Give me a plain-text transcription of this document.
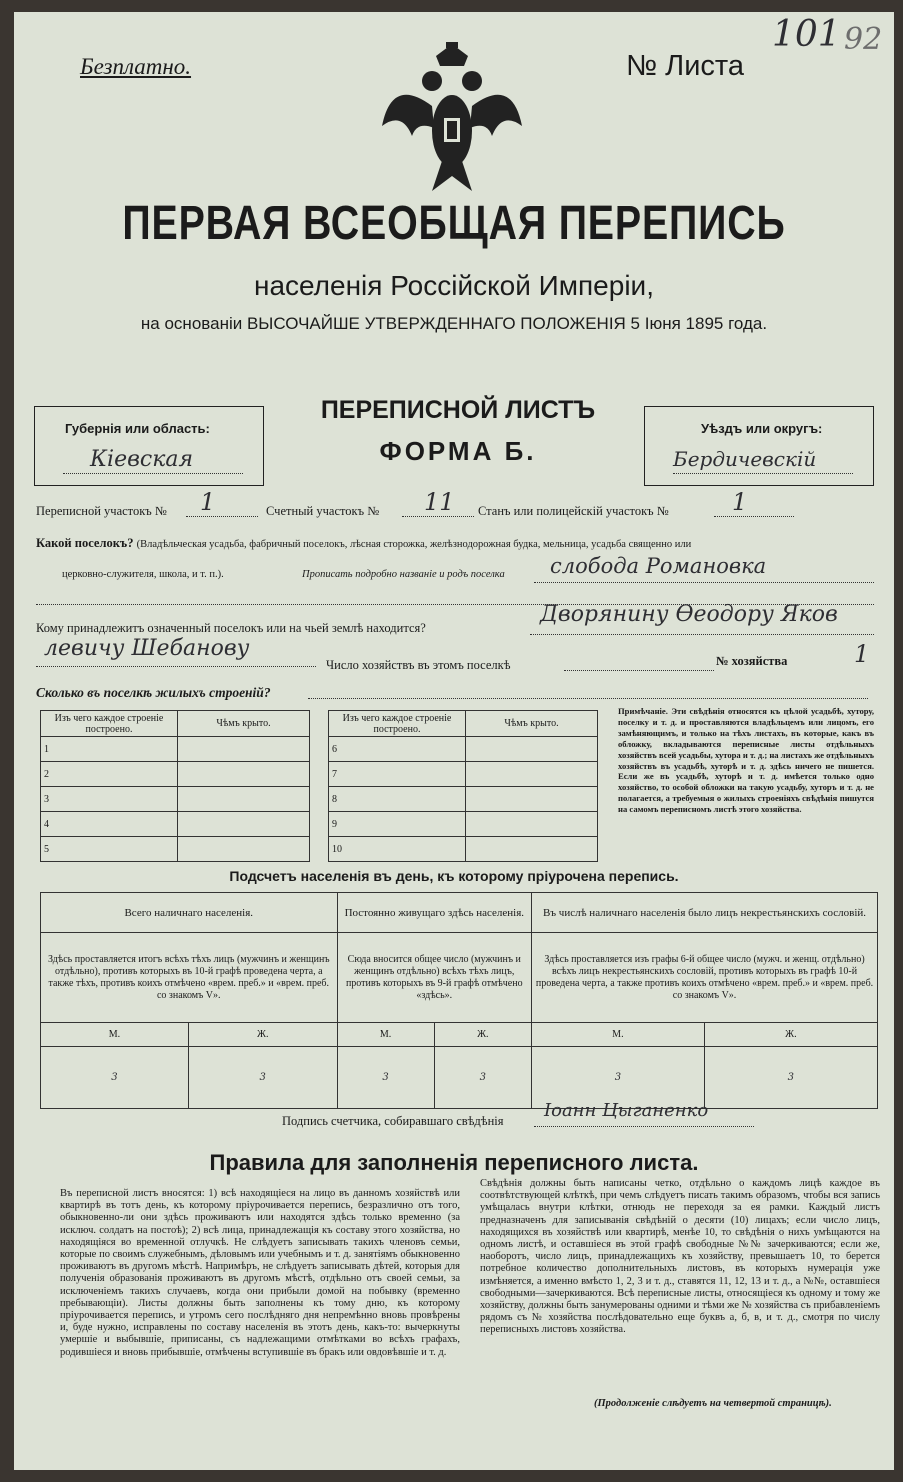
Безплатно.	№ Листа
101 92
ПЕРВАЯ ВСЕОБЩАЯ ПЕРЕПИСЬ
населенія Россійской Имперіи,
на основаніи ВЫСОЧАЙШЕ УТВЕРЖДЕННАГО ПОЛОЖЕНІЯ 5 Іюня 1895 года.
Губернія или область:
Кіевская
ПЕРЕПИСНОЙ ЛИСТЪ
ФОРМА Б.
Уѣздъ или округъ:
Бердичевскій
Переписной участокъ № 1	Счетный участокъ № 11 Станъ или полицейскій участокъ №	1
Какой поселокъ? (Владѣльческая усадьба, фабричный поселокъ, лѣсная сторожка, желѣзнодорожная будка, мельница, усадьба священно или
церковно-служителя, школа, и т. п.).	Прописать подробно названіе и родъ поселка слобода Романовка
Кому принадлежитъ означенный поселокъ или на чьей землѣ находится?
Дворянину Өеодору Яков
левичу Шебанову
Число хозяйствъ въ этомъ поселкѣ	№ хозяйства	1
Сколько въ поселкѣ жилыхъ строеній?
Изъ чего каждое строеніе построено.	Чѣмъ крыто.
1	
2	
3	
4	
5	
Изъ чего каждое строеніе построено.	Чѣмъ крыто.
6	
7	
8	
9	
10	
Примѣчаніе. Эти свѣдѣнія относятся къ цѣлой усадьбѣ, хутору, поселку и т. д. и проставляются владѣльцемъ или лицомъ, его замѣняющимъ, и только на тѣхъ листахъ, въ которые, какъ въ обложку, вкладываются переписные листы отдѣльныхъ хозяйствъ всей усадьбы, хутора и т. д.; на листахъ же отдѣльныхъ хозяйствъ въ усадьбѣ, хуторѣ и т. д. здѣсь ничего не пишется. Если же въ усадьбѣ, хуторѣ и т. д. имѣется только одно хозяйство, то особой обложки на такую усадьбу, хуторъ и т. д. не полагается, а требуемыя о жилыхъ строеніяхъ свѣдѣнія пишутся на самомъ переписномъ листѣ этого хозяйства.
Подсчетъ населенія въ день, къ которому пріурочена перепись.
Всего наличнаго населенія.		Постоянно живущаго здѣсь населенія.		Въ числѣ наличнаго населенія было лицъ некрестьянскихъ сословій.	
Здѣсь проставляется итогъ всѣхъ тѣхъ лицъ (мужчинъ и женщинъ отдѣльно), противъ которыхъ въ 10-й графѣ проведена черта, а также тѣхъ, противъ коихъ отмѣчено «врем. преб.» и «врем. преб. со знакомъ V».		Сюда вносится общее число (мужчинъ и женщинъ отдѣльно) всѣхъ тѣхъ лицъ, противъ которыхъ въ 9-й графѣ отмѣчено «здѣсь».		Здѣсь проставляется изъ графы 6-й общее число (мужч. и женщ. отдѣльно) всѣхъ лицъ некрестьянскихъ сословій, противъ которыхъ въ графѣ 10-й проведена черта, а также противъ коихъ отмѣчено «врем. преб.» и «врем. преб. со знакомъ V».	
М.	Ж.	М.	Ж.	М.	Ж.
3	3	3	3	3	3
Подпись счетчика, собиравшаго свѣдѣнія Іоанн Цыганенко
Правила для заполненія переписного листа.
Въ переписной листъ вносятся: 1) всѣ находящіеся на лицо въ данномъ хозяйствѣ или квартирѣ въ тотъ день, къ которому пріурочивается перепись, безразлично отъ того, обыкновенно-ли они здѣсь проживаютъ или находятся здѣсь только временно (за исключ. солдатъ на постоѣ); 2) всѣ лица, принадлежащія къ составу этого хозяйства, но находящіяся во временной отлучкѣ. Не слѣдуетъ записывать такихъ членовъ семьи, которые по своимъ служебнымъ, дѣловымъ или учебнымъ и т. д. занятіямъ обыкновенно проживаютъ въ другомъ мѣстѣ. Напримѣръ, не слѣдуетъ записывать дѣтей, которыя для полученія образованія проживаютъ въ другомъ мѣстѣ, отдѣльно отъ своей семьи, за исключеніемъ такихъ случаевъ, когда они прибыли домой на побывку (временно пребывающіи). Листы должны быть заполнены къ тому дню, къ которому пріурочивается перепись, и утромъ сего послѣдняго дня непремѣнно вновь провѣрены и, буде нужно, исправлены по составу населенія въ этотъ день, какъ-то: вычеркнуты умершіе и выбывшіе, приписаны, съ надлежащими отмѣтками во всѣхъ графахъ, родившіеся и вновь прибывшіе, отмѣчены вступившіе въ бракъ или овдовѣвшіе и т. д.
Свѣдѣнія должны быть написаны четко, отдѣльно о каждомъ лицѣ каждое въ соотвѣтствующей клѣткѣ, при чемъ слѣдуетъ писать такимъ образомъ, чтобы вся запись умѣщалась внутри клѣтки, отнюдь не переходя за ея рамки. Каждый листъ предназначенъ для записыванія свѣдѣній о десяти (10) лицахъ; если число лицъ, находящихся въ хозяйствѣ или квартирѣ, менѣе 10, то свѣдѣнія о нихъ умѣщаются на одномъ листѣ, и оставшіеся въ этой графѣ свободные №№ зачеркиваются; если же, наоборотъ, число лицъ, принадлежащихъ къ хозяйству, превышаетъ 10, то берется потребное количество дополнительныхъ листовъ, въ которыхъ нумерація уже измѣняется, а именно вмѣсто 1, 2, 3 и т. д., ставятся 11, 12, 13 и т. д., а №№, оставшіеся свободными—зачеркиваются. Всѣ переписные листы, относящіеся къ одному и тому же хозяйству, должны быть занумерованы одними и тѣми же № хозяйства съ прибавленіемъ рядомъ съ № хозяйства послѣдовательно еще буквъ а, б, в, и т. д., смотря по числу переписныхъ листовъ хозяйства.
(Продолженіе слѣдуетъ на четвертой страницѣ).
